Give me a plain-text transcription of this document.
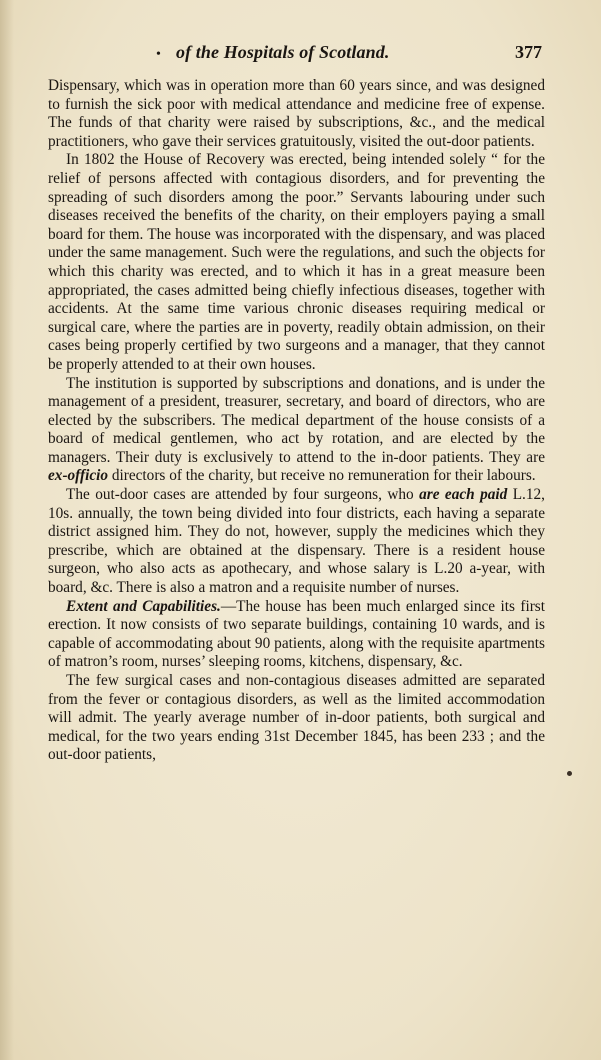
• of the Hospitals of Scotland.	377

Dispensary, which was in operation more than 60 years since, and was designed to furnish the sick poor with medical attendance and medicine free of expense. The funds of that charity were raised by subscriptions, &c., and the medical practitioners, who gave their services gratuitously, visited the out-door patients.

In 1802 the House of Recovery was erected, being intended solely “ for the relief of persons affected with contagious disorders, and for preventing the spreading of such disorders among the poor.” Servants labouring under such diseases received the benefits of the charity, on their employers paying a small board for them. The house was incorporated with the dispensary, and was placed under the same management. Such were the regulations, and such the objects for which this charity was erected, and to which it has in a great measure been appropriated, the cases admitted being chiefly infectious diseases, together with accidents. At the same time various chronic diseases requiring medical or surgical care, where the parties are in poverty, readily obtain admission, on their cases being properly certified by two surgeons and a manager, that they cannot be properly attended to at their own houses.

The institution is supported by subscriptions and donations, and is under the management of a president, treasurer, secretary, and board of directors, who are elected by the subscribers. The medical department of the house consists of a board of medical gentlemen, who act by rotation, and are elected by the managers. Their duty is exclusively to attend to the in-door patients. They are ex-officio directors of the charity, but receive no remuneration for their labours.

The out-door cases are attended by four surgeons, who are each paid L.12, 10s. annually, the town being divided into four districts, each having a separate district assigned him. They do not, however, supply the medicines which they prescribe, which are obtained at the dispensary. There is a resident house surgeon, who also acts as apothecary, and whose salary is L.20 a-year, with board, &c. There is also a matron and a requisite number of nurses.

Extent and Capabilities.—The house has been much enlarged since its first erection. It now consists of two separate buildings, containing 10 wards, and is capable of accommodating about 90 patients, along with the requisite apartments of matron’s room, nurses’ sleeping rooms, kitchens, dispensary, &c.

The few surgical cases and non-contagious diseases admitted are separated from the fever or contagious disorders, as well as the limited accommodation will admit. The yearly average number of in-door patients, both surgical and medical, for the two years ending 31st December 1845, has been 233 ; and the out-door patients,
